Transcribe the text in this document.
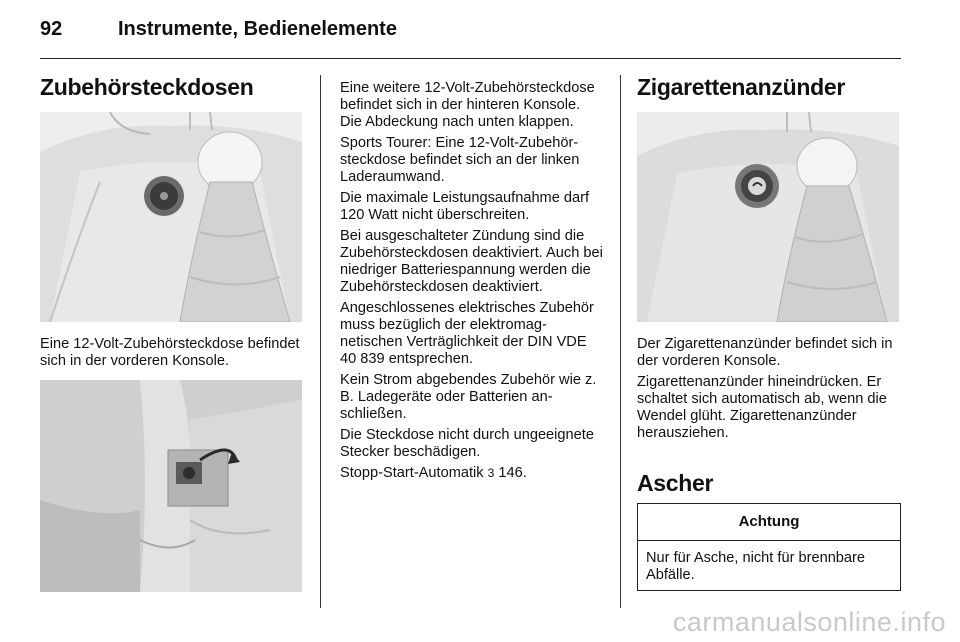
92	Instrumente, Bedienelemente
Zubehörsteckdosen
Eine 12-Volt-Zubehörsteckdose befindet sich in der vorderen Konsole.

Eine weitere 12-Volt-Zubehörsteckdose befindet sich in der hinteren Konsole. Die Abdeckung nach unten klappen.

Sports Tourer: Eine 12-Volt-Zubehörsteckdose befindet sich an der linken Laderaumwand.

Die maximale Leistungsaufnahme darf 120 Watt nicht überschreiten.

Bei ausgeschalteter Zündung sind die Zubehörsteckdosen deaktiviert. Auch bei niedriger Batteriespannung werden die Zubehörsteckdosen deaktiviert.

Angeschlossenes elektrisches Zubehör muss bezüglich der elektromagnetischen Verträglichkeit der DIN VDE 40 839 entsprechen.

Kein Strom abgebendes Zubehör wie z. B. Ladegeräte oder Batterien anschließen.

Die Steckdose nicht durch ungeeignete Stecker beschädigen.

Stopp-Start-Automatik 3 146.

Zigarettenanzünder

Der Zigarettenanzünder befindet sich in der vorderen Konsole.

Zigarettenanzünder hineindrücken. Er schaltet sich automatisch ab, wenn die Wendel glüht. Zigarettenanzünder herausziehen.

Ascher
Achtung
Nur für Asche, nicht für brennbare Abfälle.
carmanualsonline.info
